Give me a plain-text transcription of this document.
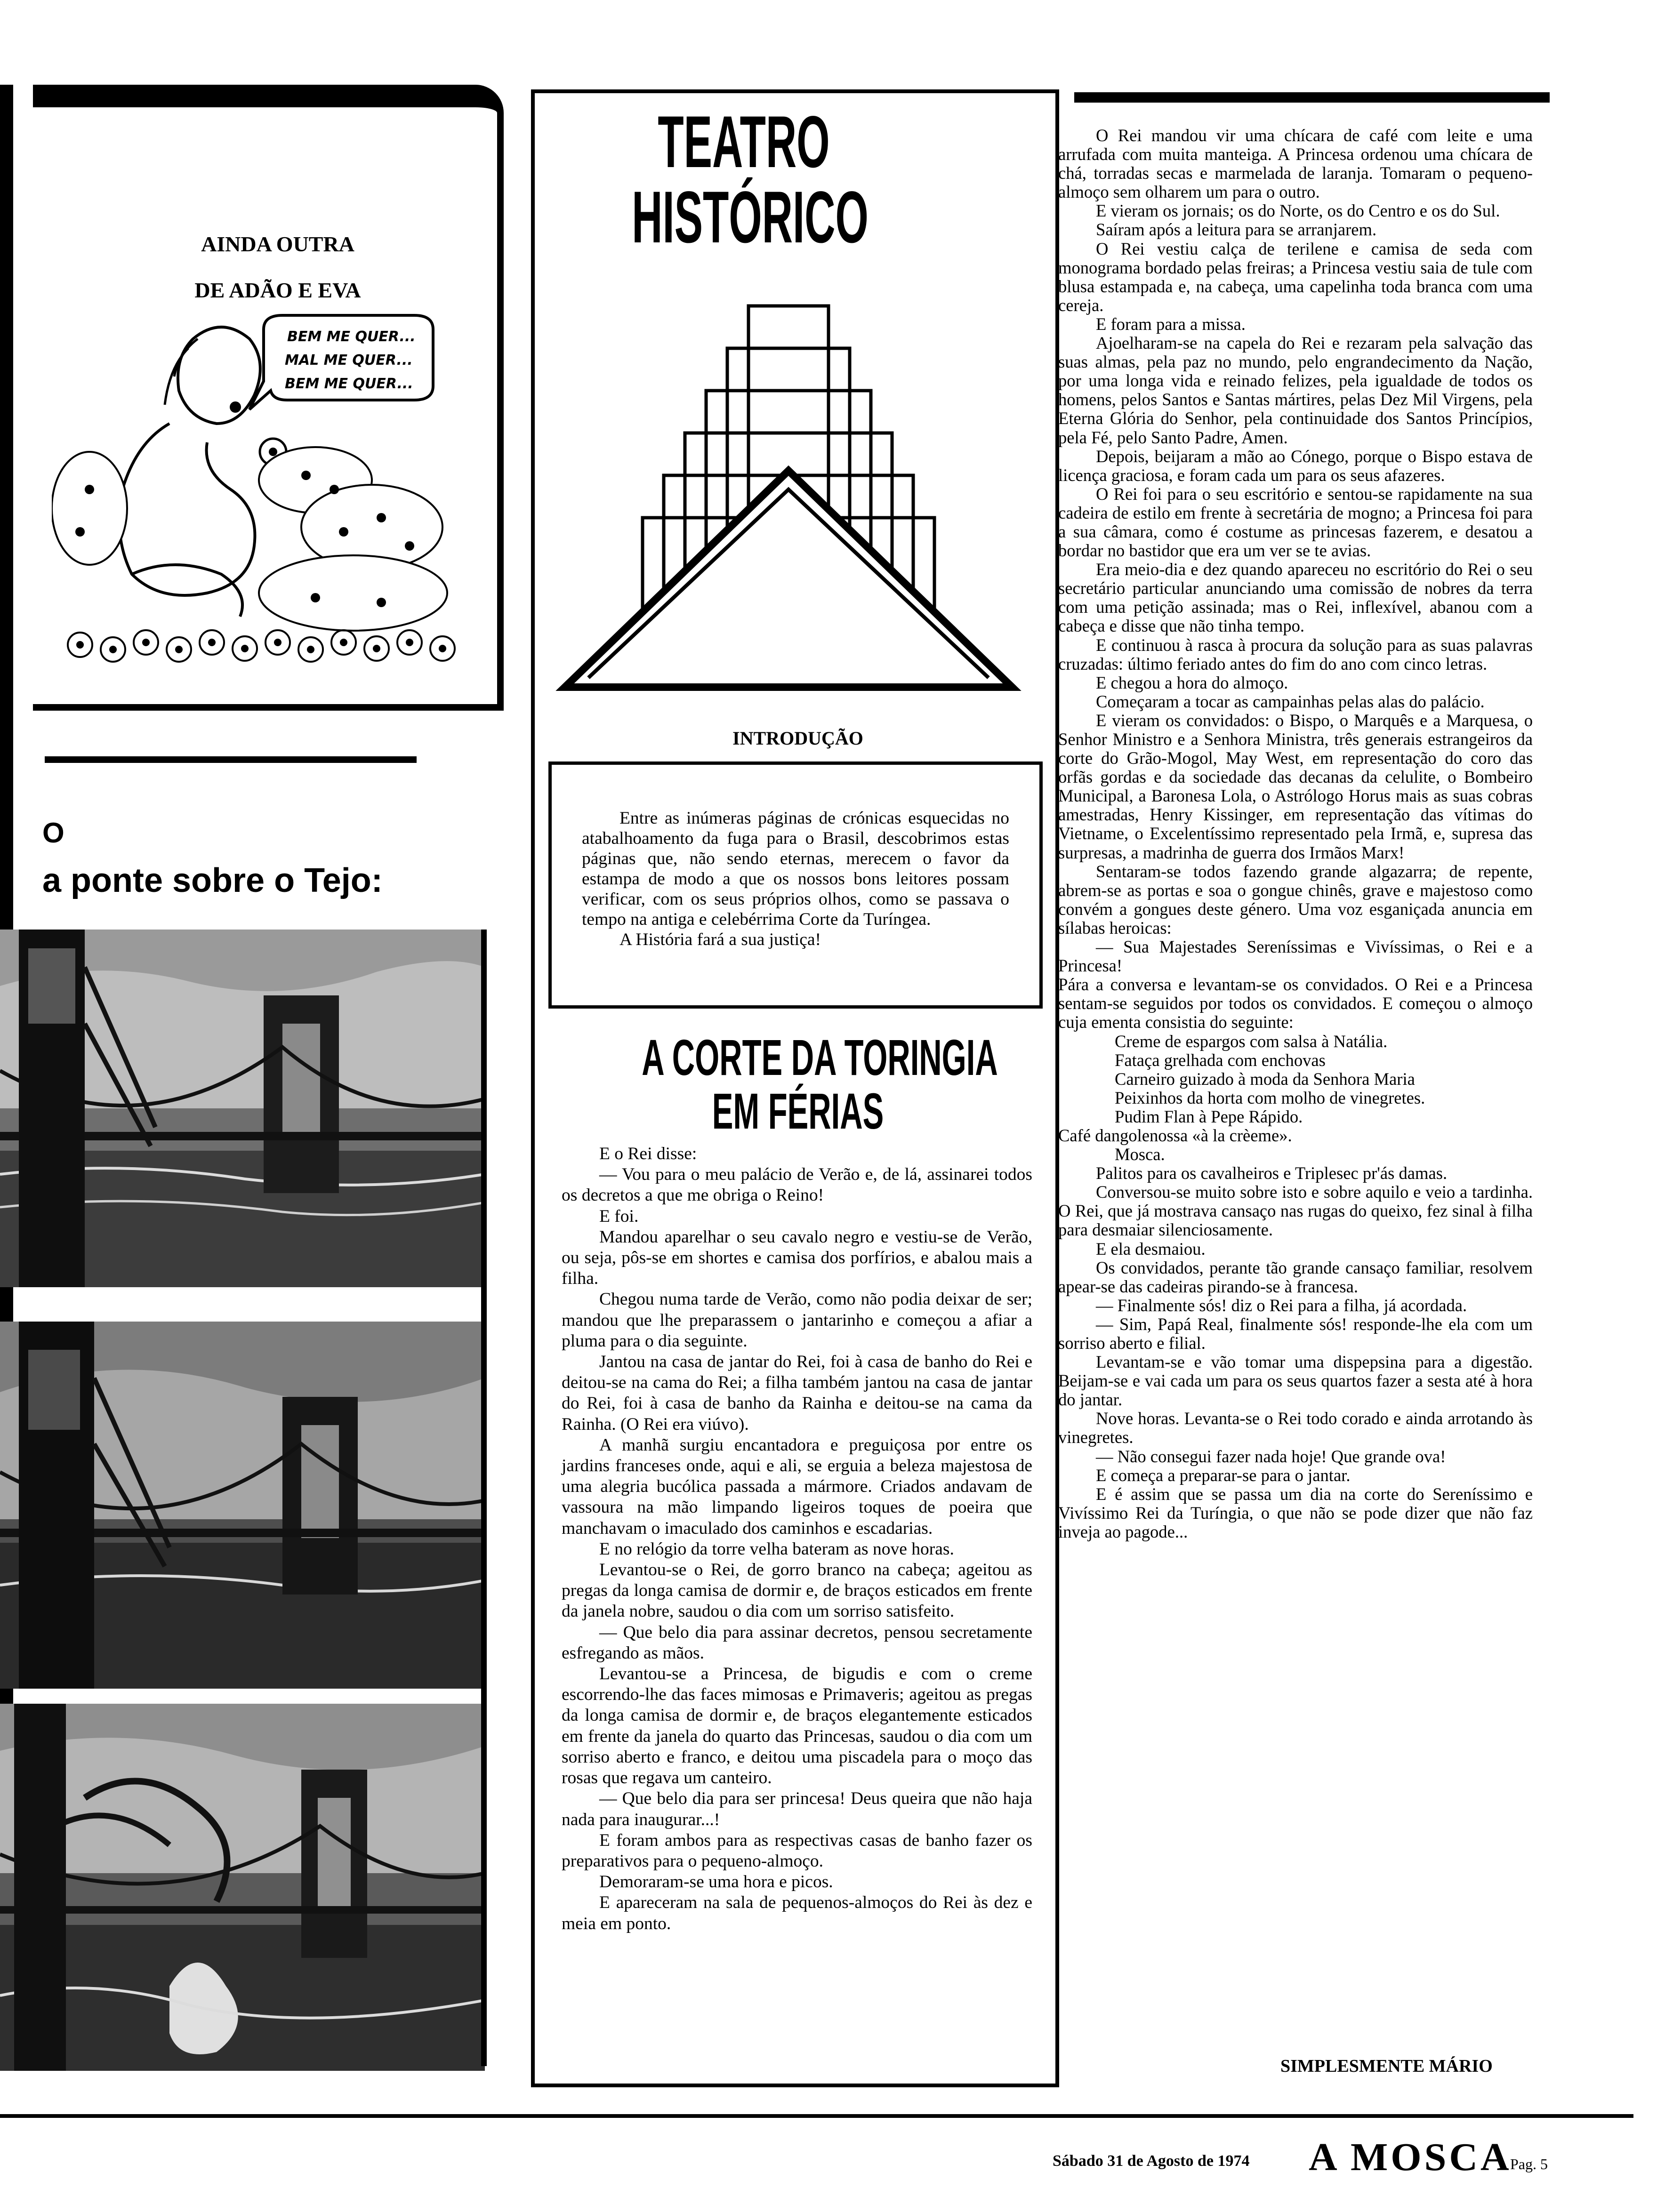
AINDA OUTRA
DE ADÃO E EVA
BEM ME QUER...
MAL ME QUER...
BEM ME QUER...
O
a ponte sobre o Tejo:
TEATRO
HISTÓRICO
INTRODUÇÃO

Entre as inúmeras páginas de crónicas esquecidas no atabalhoamento da fuga para o Brasil, descobrimos estas páginas que, não sendo eternas, merecem o favor da estampa de modo a que os nossos bons leitores possam verificar, com os seus próprios olhos, como se passava o tempo na antiga e celebérrima Corte da Turíngea.

A História fará a sua justiça!

A CORTE DA TORINGIA
EM FÉRIAS

E o Rei disse:

— Vou para o meu palácio de Verão e, de lá, assinarei todos os decretos a que me obriga o Reino!

E foi.

Mandou aparelhar o seu cavalo negro e vestiu-se de Verão, ou seja, pôs-se em shortes e camisa dos porfírios, e abalou mais a filha.

Chegou numa tarde de Verão, como não podia deixar de ser; mandou que lhe preparassem o jantarinho e começou a afiar a pluma para o dia seguinte.

Jantou na casa de jantar do Rei, foi à casa de banho do Rei e deitou-se na cama do Rei; a filha também jantou na casa de jantar do Rei, foi à casa de banho da Rainha e deitou-se na cama da Rainha. (O Rei era viúvo).

A manhã surgiu encantadora e preguiçosa por entre os jardins franceses onde, aqui e ali, se erguia a beleza majestosa de uma alegria bucólica passada a mármore. Criados andavam de vassoura na mão limpando ligeiros toques de poeira que manchavam o imaculado dos caminhos e escadarias.

E no relógio da torre velha bateram as nove horas.

Levantou-se o Rei, de gorro branco na cabeça; ageitou as pregas da longa camisa de dormir e, de braços esticados em frente da janela nobre, saudou o dia com um sorriso satisfeito.

— Que belo dia para assinar decretos, pensou secretamente esfregando as mãos.

Levantou-se a Princesa, de bigudis e com o creme escorrendo-lhe das faces mimosas e Primaveris; ageitou as pregas da longa camisa de dormir e, de braços elegantemente esticados em frente da janela do quarto das Princesas, saudou o dia com um sorriso aberto e franco, e deitou uma piscadela para o moço das rosas que regava um canteiro.

— Que belo dia para ser princesa! Deus queira que não haja nada para inaugurar...!

E foram ambos para as respectivas casas de banho fazer os preparativos para o pequeno-almoço.

Demoraram-se uma hora e picos.

E apareceram na sala de pequenos-almoços do Rei às dez e meia em ponto.

O Rei mandou vir uma chícara de café com leite e uma arrufada com muita manteiga. A Princesa ordenou uma chícara de chá, torradas secas e marmelada de laranja. Tomaram o pequeno-almoço sem olharem um para o outro.

E vieram os jornais; os do Norte, os do Centro e os do Sul.

Saíram após a leitura para se arranjarem.

O Rei vestiu calça de terilene e camisa de seda com monograma bordado pelas freiras; a Princesa vestiu saia de tule com blusa estampada e, na cabeça, uma capelinha toda branca com uma cereja.

E foram para a missa.

Ajoelharam-se na capela do Rei e rezaram pela salvação das suas almas, pela paz no mundo, pelo engrandecimento da Nação, por uma longa vida e reinado felizes, pela igualdade de todos os homens, pelos Santos e Santas mártires, pelas Dez Mil Virgens, pela Eterna Glória do Senhor, pela continuidade dos Santos Princípios, pela Fé, pelo Santo Padre, Amen.

Depois, beijaram a mão ao Cónego, porque o Bispo estava de licença graciosa, e foram cada um para os seus afazeres.

O Rei foi para o seu escritório e sentou-se rapidamente na sua cadeira de estilo em frente à secretária de mogno; a Princesa foi para a sua câmara, como é costume as princesas fazerem, e desatou a bordar no bastidor que era um ver se te avias.

Era meio-dia e dez quando apareceu no escritório do Rei o seu secretário particular anunciando uma comissão de nobres da terra com uma petição assinada; mas o Rei, inflexível, abanou com a cabeça e disse que não tinha tempo.

E continuou à rasca à procura da solução para as suas palavras cruzadas: último feriado antes do fim do ano com cinco letras.

E chegou a hora do almoço.

Começaram a tocar as campainhas pelas alas do palácio.

E vieram os convidados: o Bispo, o Marquês e a Marquesa, o Senhor Ministro e a Senhora Ministra, três generais estrangeiros da corte do Grão-Mogol, May West, em representação do coro das orfãs gordas e da sociedade das decanas da celulite, o Bombeiro Municipal, a Baronesa Lola, o Astrólogo Horus mais as suas cobras amestradas, Henry Kissinger, em representação das vítimas do Vietname, o Excelentíssimo representado pela Irmã, e, supresa das surpresas, a madrinha de guerra dos Irmãos Marx!

Sentaram-se todos fazendo grande algazarra; de repente, abrem-se as portas e soa o gongue chinês, grave e majestoso como convém a gongues deste género. Uma voz esganiçada anuncia em sílabas heroicas:

— Sua Majestades Sereníssimas e Vivíssimas, o Rei e a Princesa!

Pára a conversa e levantam-se os convidados. O Rei e a Princesa sentam-se seguidos por todos os convidados. E começou o almoço cuja ementa consistia do seguinte:

Creme de espargos com salsa à Natália.

Fataça grelhada com enchovas

Carneiro guizado à moda da Senhora Maria

Peixinhos da horta com molho de vinegretes.

Pudim Flan à Pepe Rápido.

Café dangolenossa «à la crèeme».

Mosca.

Palitos para os cavalheiros e Triplesec pr'ás damas.

Conversou-se muito sobre isto e sobre aquilo e veio a tardinha. O Rei, que já mostrava cansaço nas rugas do queixo, fez sinal à filha para desmaiar silenciosamente.

E ela desmaiou.

Os convidados, perante tão grande cansaço familiar, resolvem apear-se das cadeiras pirando-se à francesa.

— Finalmente sós! diz o Rei para a filha, já acordada.

— Sim, Papá Real, finalmente sós! responde-lhe ela com um sorriso aberto e filial.

Levantam-se e vão tomar uma dispepsina para a digestão. Beijam-se e vai cada um para os seus quartos fazer a sesta até à hora do jantar.

Nove horas. Levanta-se o Rei todo corado e ainda arrotando às vinegretes.

— Não consegui fazer nada hoje! Que grande ova!

E começa a preparar-se para o jantar.

E é assim que se passa um dia na corte do Sereníssimo e Vivíssimo Rei da Turíngia, o que não se pode dizer que não faz inveja ao pagode...

SIMPLESMENTE MÁRIO
Sábado 31 de Agosto de 1974 A MOSCA
Pag. 5
